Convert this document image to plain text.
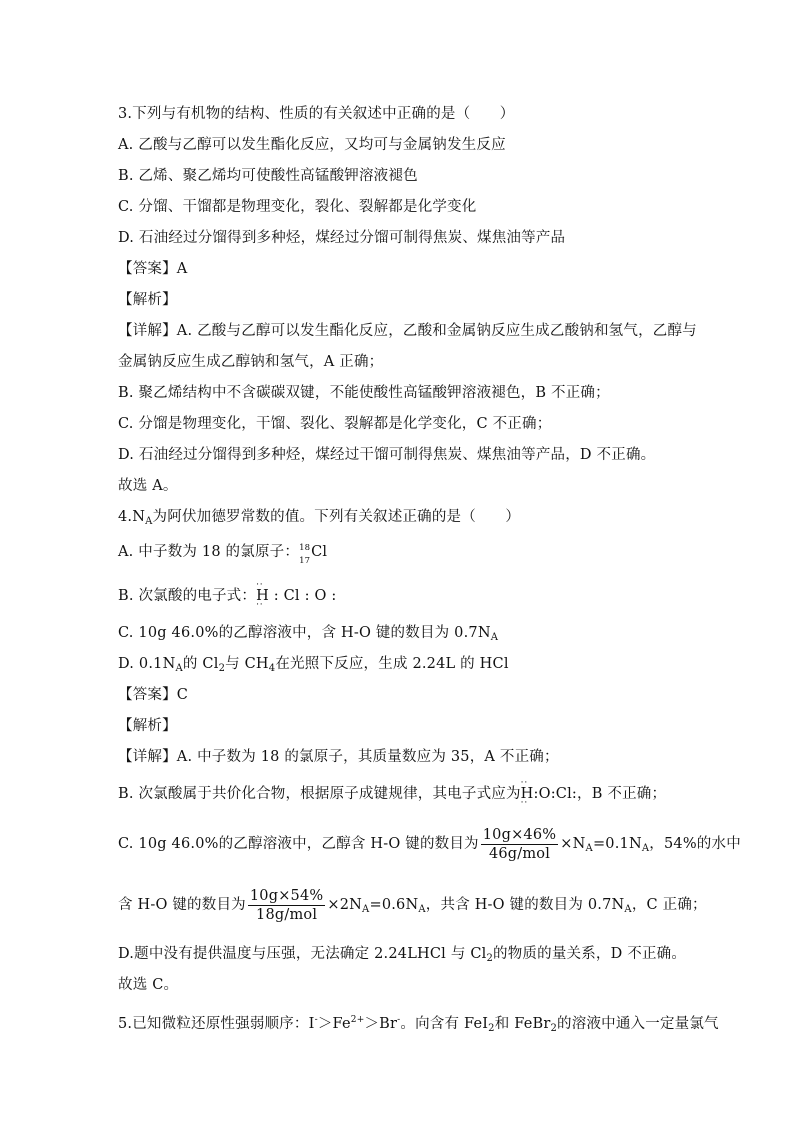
3.下列与有机物的结构、性质的有关叙述中正确的是（　　）
A. 乙酸与乙醇可以发生酯化反应，又均可与金属钠发生反应
B. 乙烯、聚乙烯均可使酸性高锰酸钾溶液褪色
C. 分馏、干馏都是物理变化，裂化、裂解都是化学变化
D. 石油经过分馏得到多种烃，煤经过分馏可制得焦炭、煤焦油等产品
【答案】A
【解析】
【详解】A. 乙酸与乙醇可以发生酯化反应，乙酸和金属钠反应生成乙酸钠和氢气，乙醇与
金属钠反应生成乙醇钠和氢气，A 正确；
B. 聚乙烯结构中不含碳碳双键，不能使酸性高锰酸钾溶液褪色，B 不正确；
C. 分馏是物理变化，干馏、裂化、裂解都是化学变化，C 不正确；
D. 石油经过分馏得到多种烃，煤经过干馏可制得焦炭、煤焦油等产品，D 不正确。
故选 A。
$4.N_A$为阿伏加德罗常数的值。下列有关叙述正确的是（　　）
A. 中子数为 18 的氯原子： 18
17
Cl
B. 次氯酸的电子式：· · H : Cl : O : · ·
C. 10g 46.0%的乙醇溶液中，含 H-O 键的数目为 $0.7N_A$
D. $0.1N_A$的 $Cl_2$与 $CH_4$在光照下反应，生成 2.24L 的 HCl
【答案】C
【解析】
【详解】A. 中子数为 18 的氯原子，其质量数应为 35，A 不正确；
B. 次氯酸属于共价化合物，根据原子成键规律，其电子式应为· · H:O:Cl: · ·，B 不正确；
C. 10g 46.0%的乙醇溶液中，乙醇含 H-O 键的数目为 $\frac{10g\times 46\%}{\text{46g/mol}} \times N_A=0.1N_A$，54%的水中
含 H-O 键的数目为 $\frac{10g\times 54\%}{\text{18g/mol}} \times 2N_A=0.6N_A$，共含 H-O 键的数目为 $0.7N_A$，C 正确；
D.题中没有提供温度与压强，无法确定 2.24LHCl 与 $Cl_2$的物质的量关系，D 不正确。
故选 C。
5.已知微粒还原性强弱顺序：$I^->Fe^{2+}>Br^-$。向含有 FeI$_2$和 FeBr$_2$的溶液中通入一定量氯气
